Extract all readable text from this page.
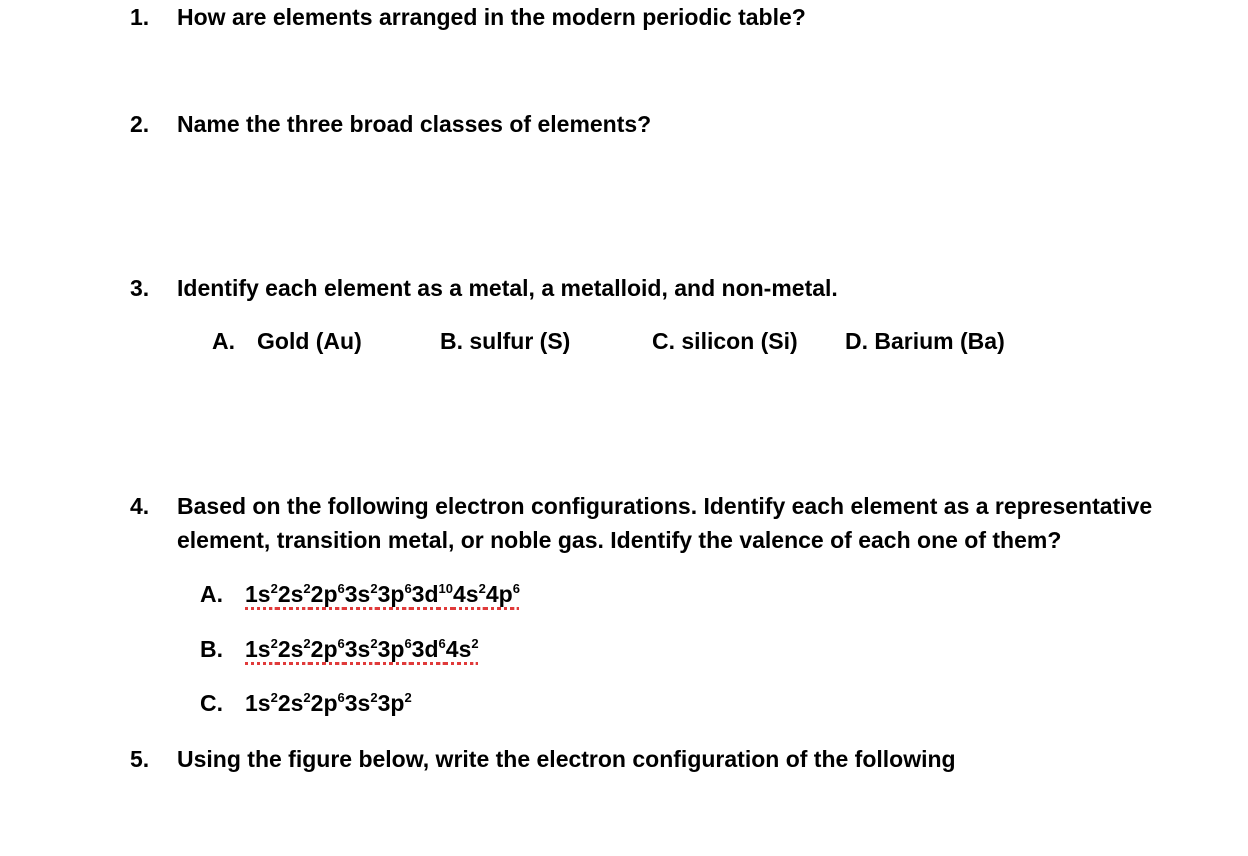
1.	How are elements arranged in the modern periodic table?
2.	Name the three broad classes of elements?
3.	Identify each element as a metal, a metalloid, and non-metal.
A. Gold (Au)	B. sulfur (S)	C. silicon (Si) D. Barium (Ba)
4.	Based on the following electron configurations. Identify each element as a representative element, transition metal, or noble gas. Identify the valence of each one of them?
A. $1s^22s^22p^63s^23p^63d^{10}4s^24p^6$
B. $1s^22s^22p^63s^23p^63d^64s^2$
C. $1s^22s^22p^63s^23p^2$
5.	Using the figure below, write the electron configuration of the following
